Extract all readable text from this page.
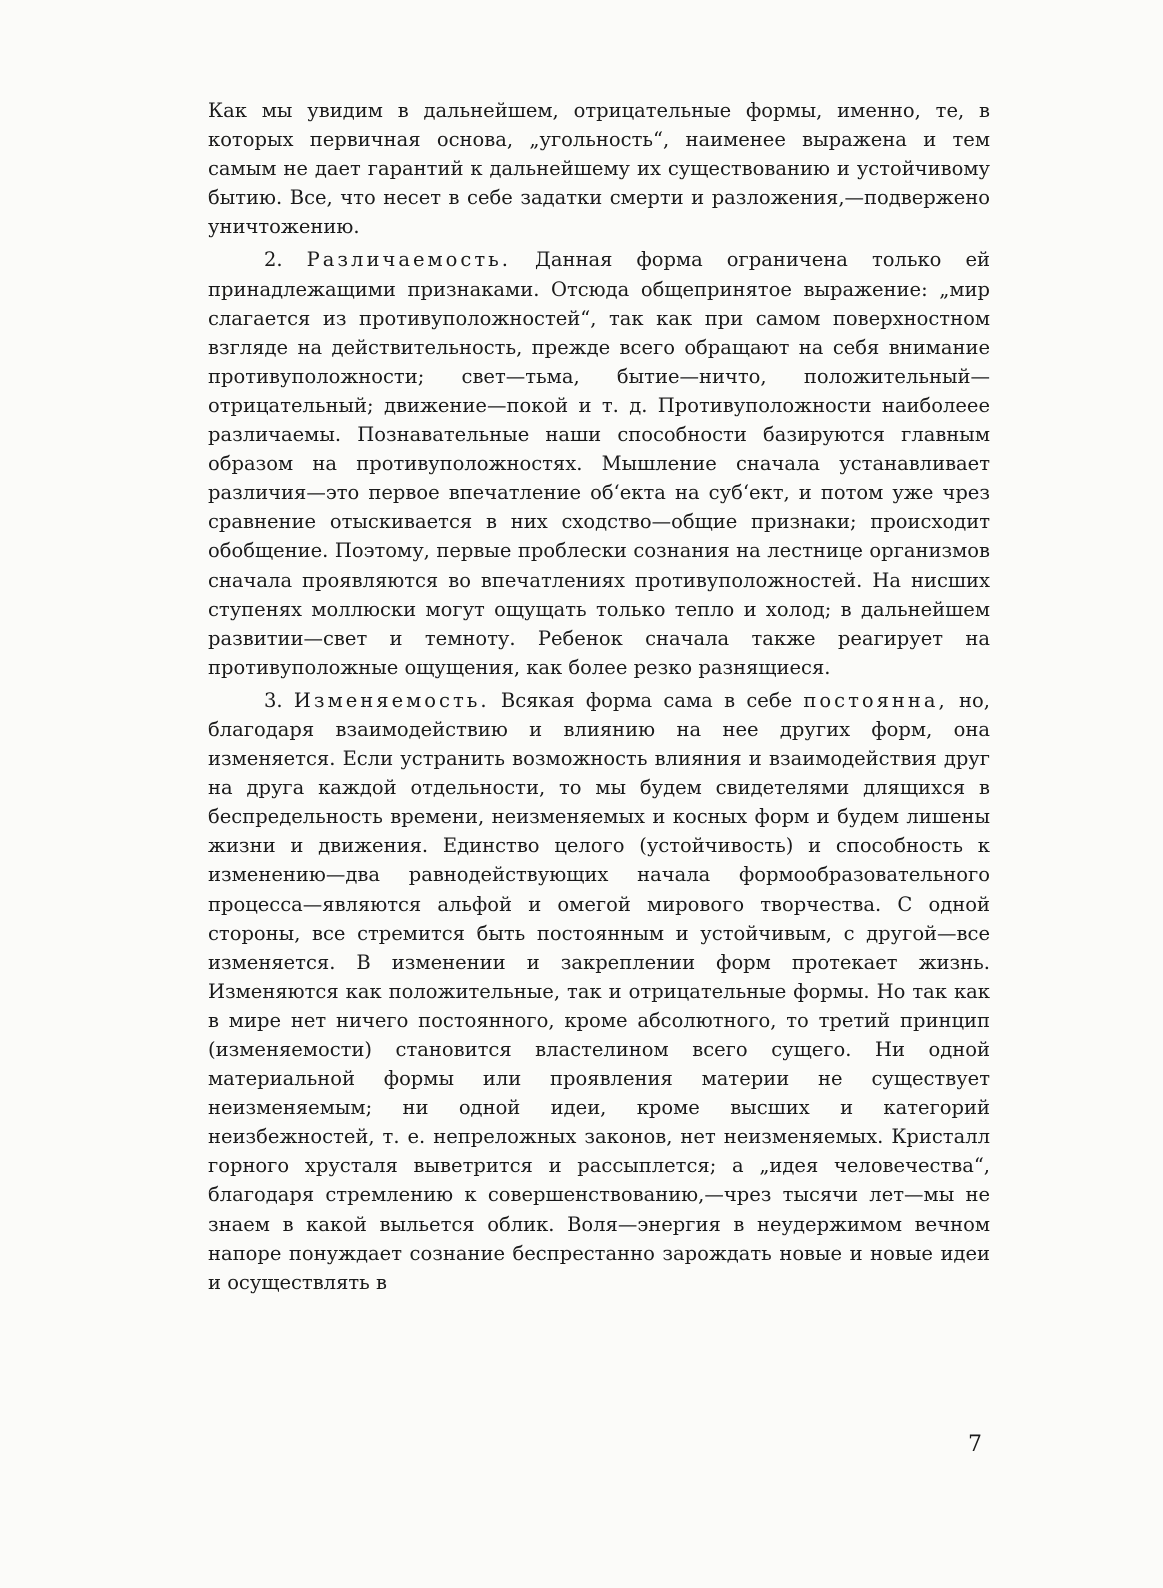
Как мы увидим в дальнейшем, отрицательные формы, именно, те, в которых первичная основа, „угольность“, наименее выражена и тем самым не дает гарантий к дальнейшему их существованию и устойчивому бытию. Все, что несет в себе задатки смерти и разложения,—подвержено уничтожению.

2. Различаемость. Данная форма ограничена только ей принадлежащими признаками. Отсюда общепринятое выражение: „мир слагается из противуположностей“, так как при самом поверхностном взгляде на действительность, прежде всего обращают на себя внимание противуположности; свет—тьма, бытие—ничто, положительный—отрицательный; движение—покой и т. д. Противуположности наиболеее различаемы. Познавательные наши способности базируются главным образом на противуположностях. Мышление сначала устанавливает различия—это первое впечатление об‘екта на суб‘ект, и потом уже чрез сравнение отыскивается в них сходство—общие признаки; происходит обобщение. Поэтому, первые проблески сознания на лестнице организмов сначала проявляются во впечатлениях противуположностей. На нисших ступенях моллюски могут ощущать только тепло и холод; в дальнейшем развитии—свет и темноту. Ребенок сначала также реагирует на противуположные ощущения, как более резко разнящиеся.

3. Изменяемость. Всякая форма сама в себе постоянна, но, благодаря взаимодействию и влиянию на нее других форм, она изменяется. Если устранить возможность влияния и взаимодействия друг на друга каждой отдельности, то мы будем свидетелями длящихся в беспредельность времени, неизменяемых и косных форм и будем лишены жизни и движения. Единство целого (устойчивость) и способность к изменению—два равнодействующих начала формообразовательного процесса—являются альфой и омегой мирового творчества. С одной стороны, все стремится быть постоянным и устойчивым, с другой—все изменяется. В изменении и закреплении форм протекает жизнь. Изменяются как положительные, так и отрицательные формы. Но так как в мире нет ничего постоянного, кроме абсолютного, то третий принцип (изменяемости) становится властелином всего сущего. Ни одной материальной формы или проявления материи не существует неизменяемым; ни одной идеи, кроме высших и категорий неизбежностей, т. е. непреложных законов, нет неизменяемых. Кристалл горного хрусталя выветрится и рассыплется; а „идея человечества“, благодаря стремлению к совершенствованию,—чрез тысячи лет—мы не знаем в какой выльется облик. Воля—энергия в неудержимом вечном напоре понуждает сознание беспрестанно зарождать новые и новые идеи и осуществлять в

7
